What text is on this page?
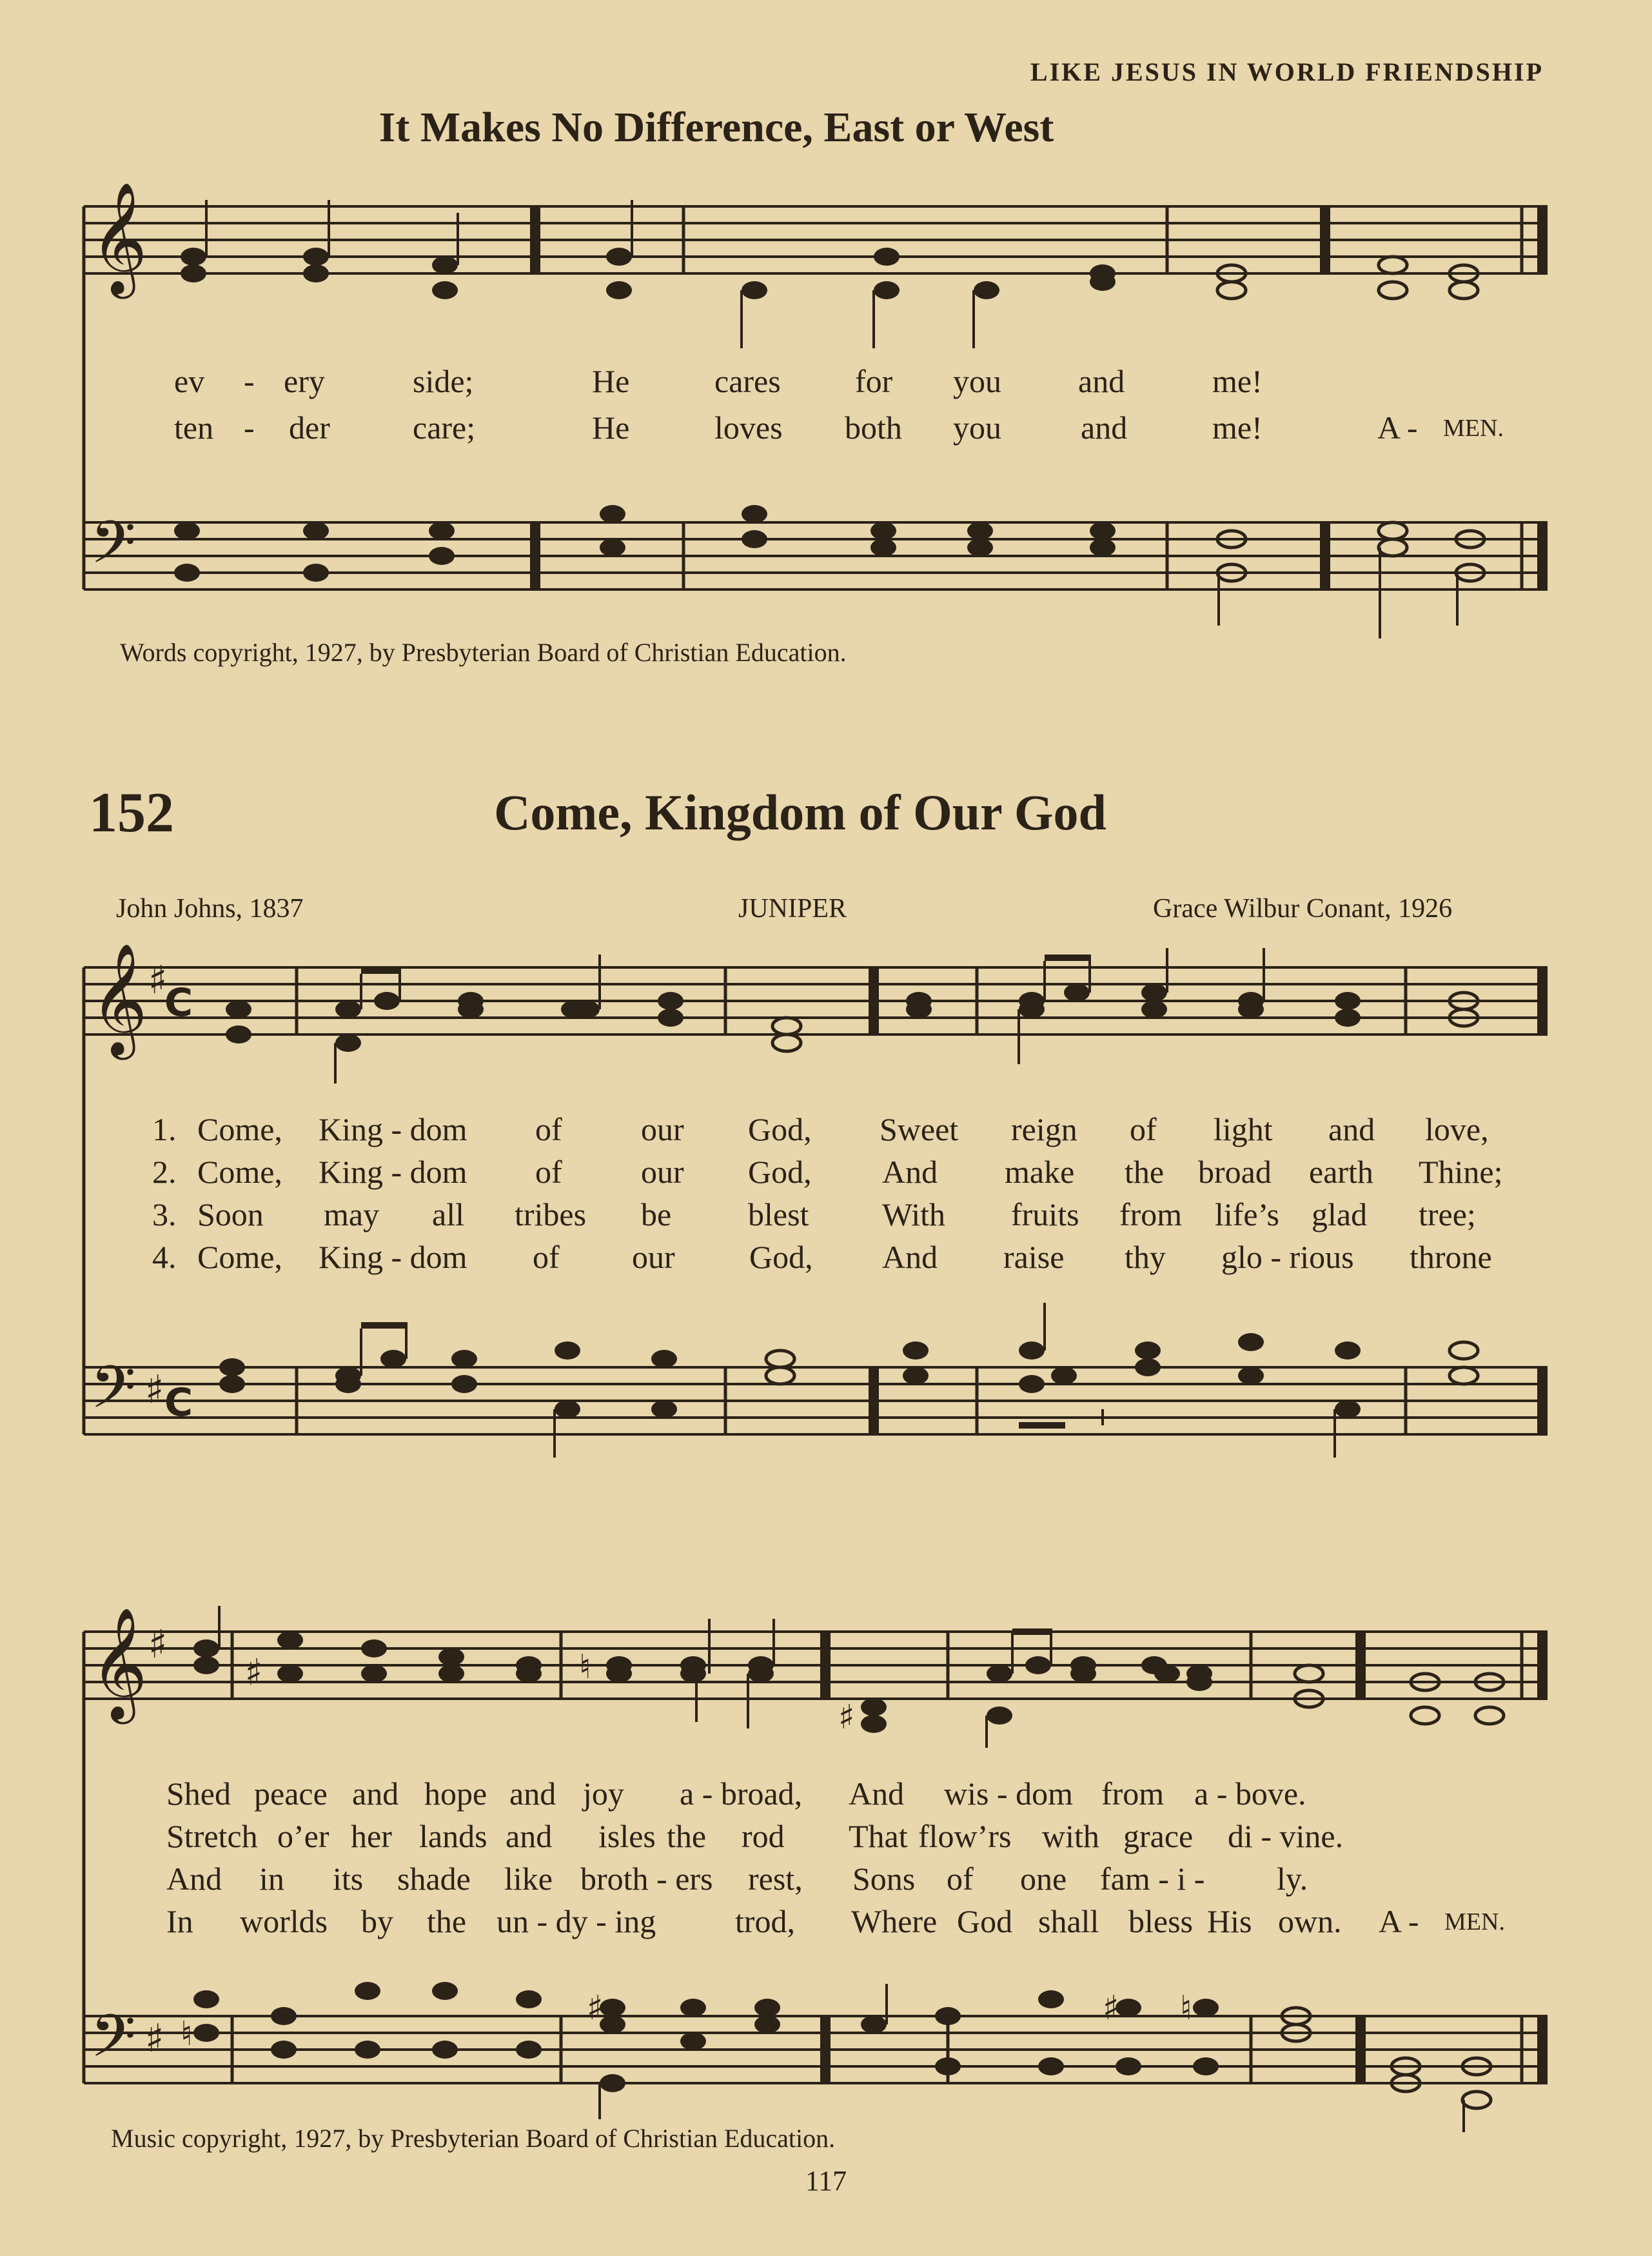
𝄞
𝄢
𝄞 ♯
C
𝄢 ♯ C
𝄞 ♯
♯	♮
♯
𝄢 ♯ ♮
♯	♯ ♮
LIKE JESUS IN WORLD FRIENDSHIP
It Makes No Difference, East or West
ev - ery	side;	He	cares for you and	me!
ten - der	care;	He	loves both you and	me!	A - MEN.
Words copyright, 1927, by Presbyterian Board of Christian Education.
152	Come, Kingdom of Our God
John Johns, 1837	JUNIPER	Grace Wilbur Conant, 1926
1. Come, King - dom of our God, Sweet reign of light and love,
2. Come, King - dom of our God, And make the broad earth Thine;
3. Soon may all tribes be blest With fruits from life’s glad tree;
4. Come, King - dom of our God, And raise thy glo - rious throne
Shed peace and hope and joy a - broad, And wis - dom from a - bove.
Stretch o’er her lands and isles the rod That flow’rs with grace di - vine.
And in its shade like broth - ers rest, Sons of one fam - i - ly.
In worlds by the un - dy - ing trod, Where God shall bless His own. A - MEN.
Music copyright, 1927, by Presbyterian Board of Christian Education.
117
